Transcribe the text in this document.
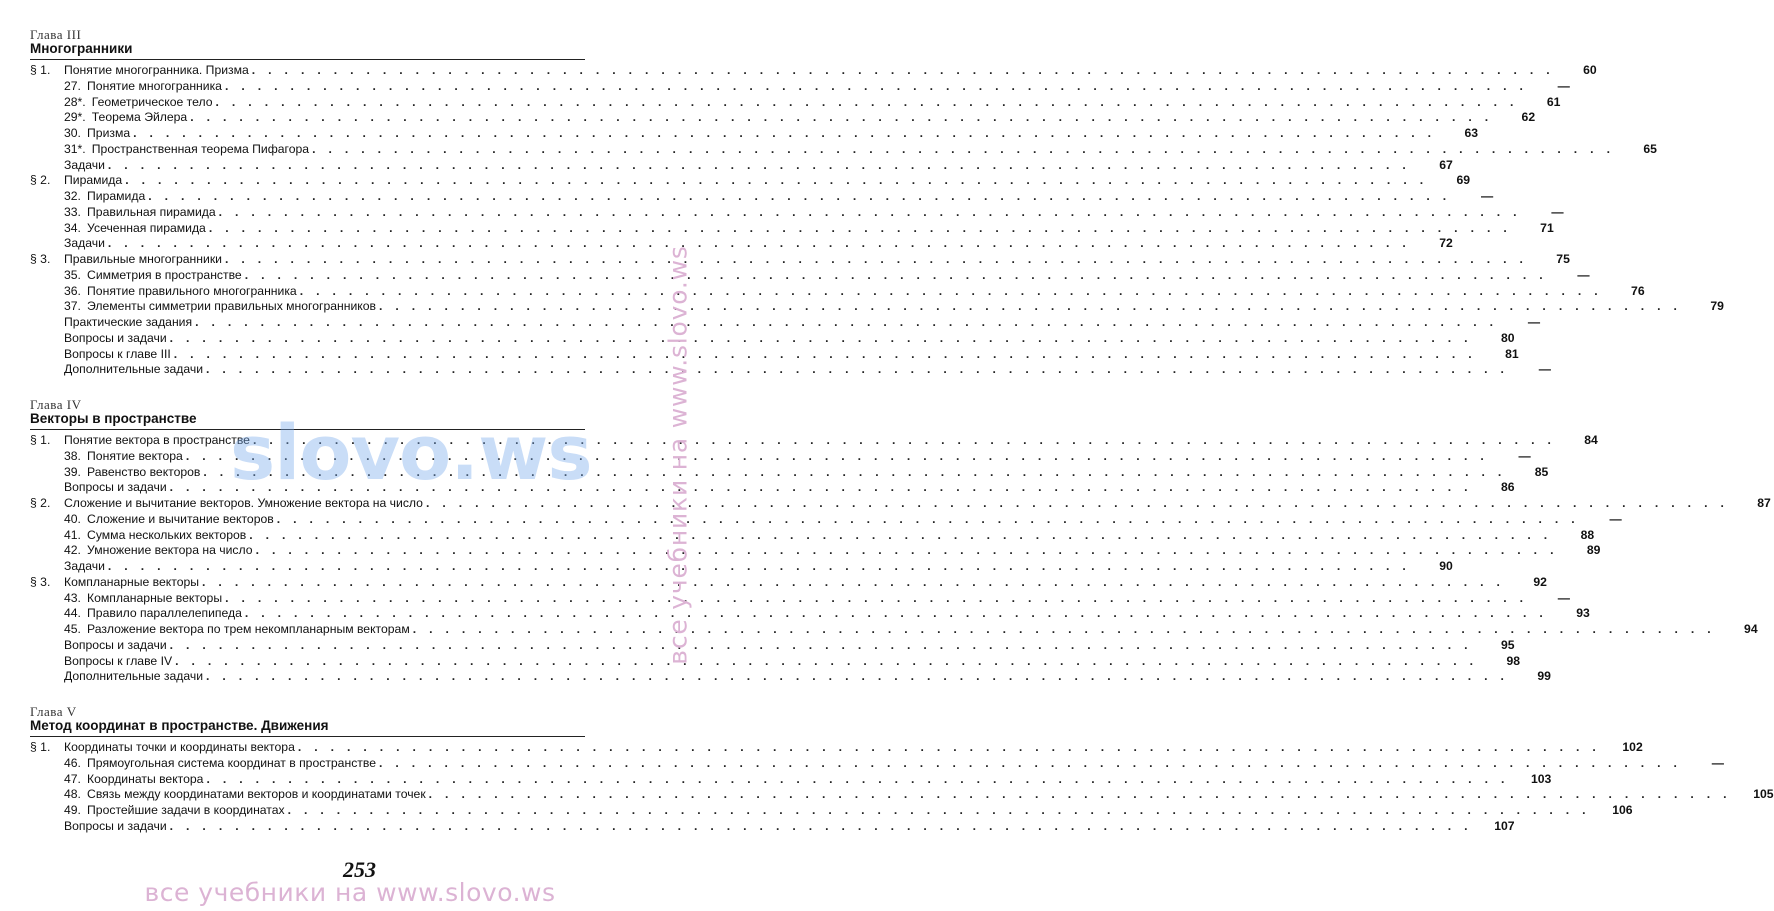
Глава III
Многогранники
§ 1.	Понятие многогранника. Призма ................................................................................	60
27.  Понятие многогранника ................................................................................	—
28*.  Геометрическое тело ................................................................................	61
29*.  Теорема Эйлера ................................................................................	62
30.  Призма ................................................................................	63
31*.  Пространственная теорема Пифагора ................................................................................	65
Задачи ................................................................................	67
§ 2.	Пирамида ................................................................................	69
32.  Пирамида ................................................................................	—
33.  Правильная пирамида ................................................................................	—
34.  Усеченная пирамида ................................................................................	71
Задачи ................................................................................	72
§ 3.	Правильные многогранники ................................................................................	75
35.  Симметрия в пространстве ................................................................................	—
36.  Понятие правильного многогранника ................................................................................	76
37.  Элементы симметрии правильных многогранников ................................................................................	79
Практические задания ................................................................................	—
Вопросы и задачи ................................................................................	80
Вопросы к главе III ................................................................................	81
Дополнительные задачи ................................................................................	—
Глава IV
Векторы в пространстве
§ 1.	Понятие вектора в пространстве ................................................................................	84
38.  Понятие вектора ................................................................................	—
39.  Равенство векторов ................................................................................	85
Вопросы и задачи ................................................................................	86
§ 2.	Сложение и вычитание векторов. Умножение вектора на число ................................................................................	87
40.  Сложение и вычитание векторов ................................................................................	—
41.  Сумма нескольких векторов ................................................................................	88
42.  Умножение вектора на число ................................................................................	89
Задачи ................................................................................	90
§ 3.	Компланарные векторы ................................................................................	92
43.  Компланарные векторы ................................................................................	—
44.  Правило параллелепипеда ................................................................................	93
45.  Разложение вектора по трем некомпланарным векторам ................................................................................	94
Вопросы и задачи ................................................................................	95
Вопросы к главе IV ................................................................................	98
Дополнительные задачи ................................................................................	99
Глава V
Метод координат в пространстве. Движения
§ 1.	Координаты точки и координаты вектора ................................................................................	102
46.  Прямоугольная система координат в пространстве ................................................................................	—
47.  Координаты вектора ................................................................................	103
48.  Связь между координатами векторов и координатами точек ................................................................................	105
49.  Простейшие задачи в координатах ................................................................................	106
Вопросы и задачи ................................................................................	107
slovo.ws
253
все учебники на www.slovo.ws
все учебники на www.slovo.ws
